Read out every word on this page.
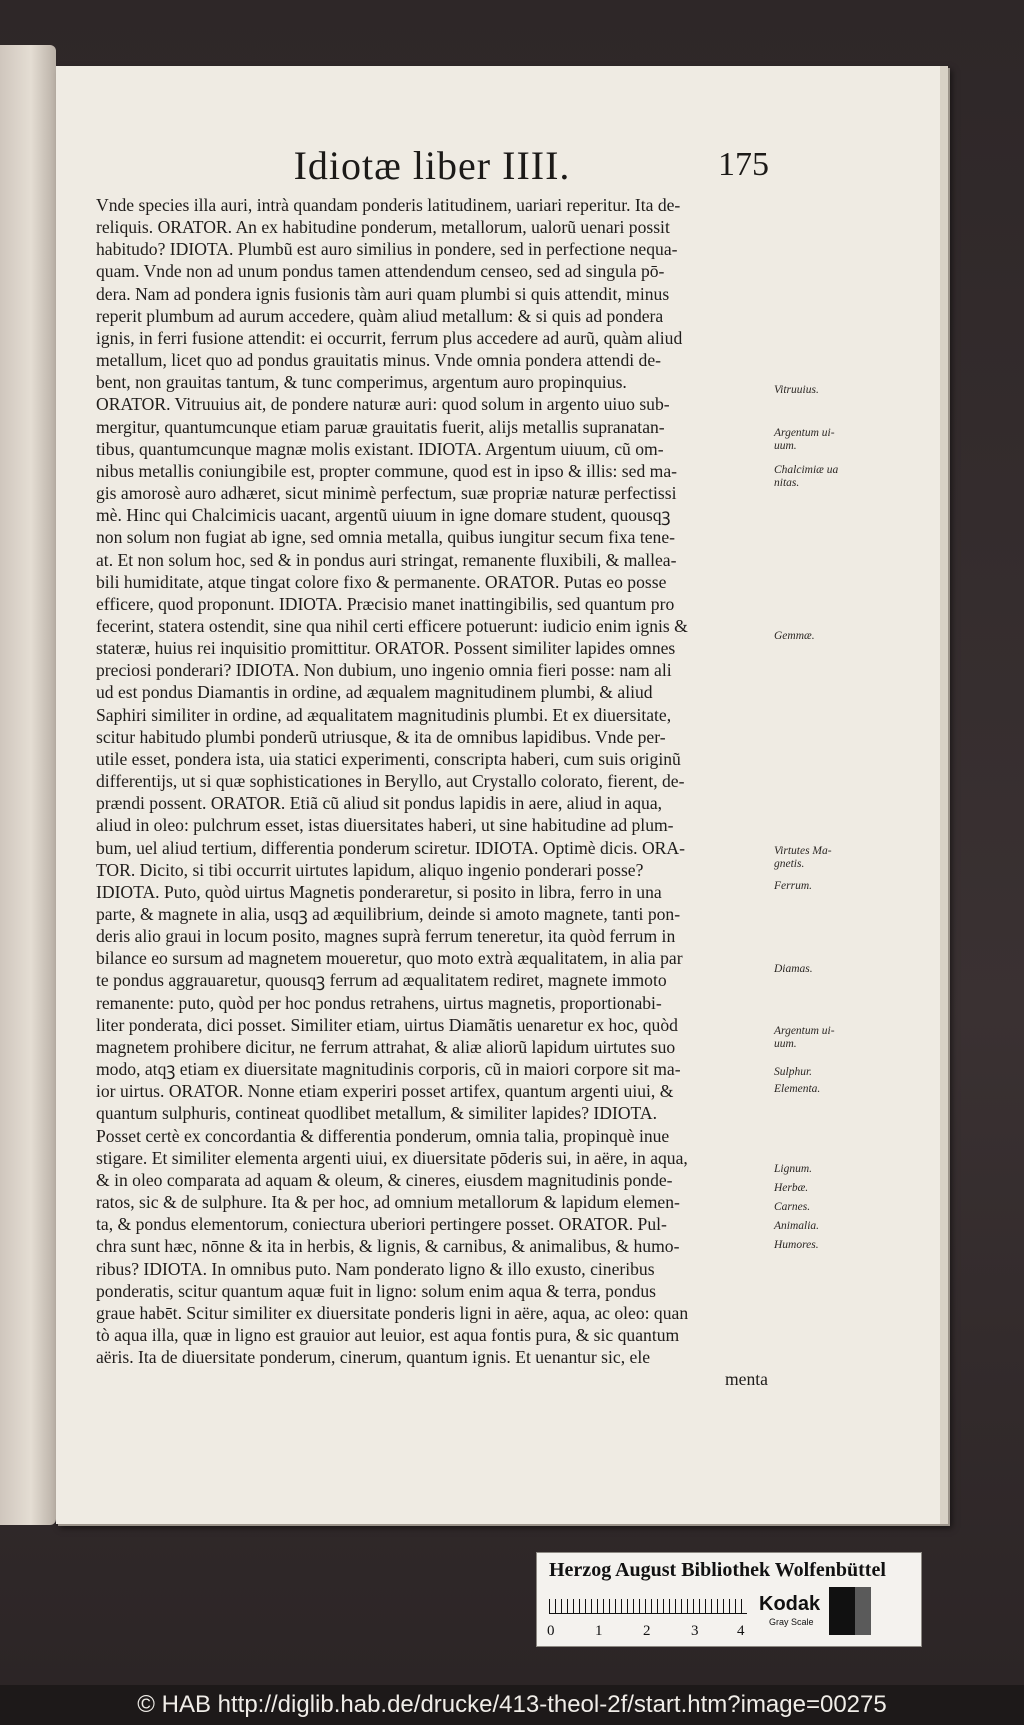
Idiotæ liber IIII.	175
Vnde species illa auri, intrà quandam ponderis latitudinem, uariari reperitur. Ita de-
reliquis. ORATOR. An ex habitudine ponderum, metallorum, ualorũ uenari possit
habitudo? IDIOTA. Plumbũ est auro similius in pondere, sed in perfectione nequa-
quam. Vnde non ad unum pondus tamen attendendum censeo, sed ad singula pō-
dera. Nam ad pondera ignis fusionis tàm auri quam plumbi si quis attendit, minus
reperit plumbum ad aurum accedere, quàm aliud metallum: & si quis ad pondera
ignis, in ferri fusione attendit: ei occurrit, ferrum plus accedere ad aurũ, quàm aliud
metallum, licet quo ad pondus grauitatis minus. Vnde omnia pondera attendi de-
bent, non grauitas tantum, & tunc comperimus, argentum auro propinquius.
ORATOR. Vitruuius ait, de pondere naturæ auri: quod solum in argento uiuo sub-
mergitur, quantumcunque etiam paruæ grauitatis fuerit, alijs metallis supranatan-
tibus, quantumcunque magnæ molis existant. IDIOTA. Argentum uiuum, cũ om-
nibus metallis coniungibile est, propter commune, quod est in ipso & illis: sed ma-
gis amorosè auro adhæret, sicut minimè perfectum, suæ propriæ naturæ perfectissi
mè. Hinc qui Chalcimicis uacant, argentũ uiuum in igne domare student, quousqꝫ
non solum non fugiat ab igne, sed omnia metalla, quibus iungitur secum fixa tene-
at. Et non solum hoc, sed & in pondus auri stringat, remanente fluxibili, & mallea-
bili humiditate, atque tingat colore fixo & permanente. ORATOR. Putas eo posse
efficere, quod proponunt. IDIOTA. Præcisio manet inattingibilis, sed quantum pro
fecerint, statera ostendit, sine qua nihil certi efficere potuerunt: iudicio enim ignis &
stateræ, huius rei inquisitio promittitur. ORATOR. Possent similiter lapides omnes
preciosi ponderari? IDIOTA. Non dubium, uno ingenio omnia fieri posse: nam ali
ud est pondus Diamantis in ordine, ad æqualem magnitudinem plumbi, & aliud
Saphiri similiter in ordine, ad æqualitatem magnitudinis plumbi. Et ex diuersitate,
scitur habitudo plumbi ponderũ utriusque, & ita de omnibus lapidibus. Vnde per-
utile esset, pondera ista, uia statici experimenti, conscripta haberi, cum suis originũ
differentijs, ut si quæ sophisticationes in Beryllo, aut Crystallo colorato, fierent, de-
prændi possent. ORATOR. Etiã cũ aliud sit pondus lapidis in aere, aliud in aqua,
aliud in oleo: pulchrum esset, istas diuersitates haberi, ut sine habitudine ad plum-
bum, uel aliud tertium, differentia ponderum sciretur. IDIOTA. Optimè dicis. ORA-
TOR. Dicito, si tibi occurrit uirtutes lapidum, aliquo ingenio ponderari posse?
IDIOTA. Puto, quòd uirtus Magnetis ponderaretur, si posito in libra, ferro in una
parte, & magnete in alia, usqꝫ ad æquilibrium, deinde si amoto magnete, tanti pon-
deris alio graui in locum posito, magnes suprà ferrum teneretur, ita quòd ferrum in
bilance eo sursum ad magnetem moueretur, quo moto extrà æqualitatem, in alia par
te pondus aggrauaretur, quousqꝫ ferrum ad æqualitatem rediret, magnete immoto
remanente: puto, quòd per hoc pondus retrahens, uirtus magnetis, proportionabi-
liter ponderata, dici posset. Similiter etiam, uirtus Diamãtis uenaretur ex hoc, quòd
magnetem prohibere dicitur, ne ferrum attrahat, & aliæ aliorũ lapidum uirtutes suo
modo, atqꝫ etiam ex diuersitate magnitudinis corporis, cũ in maiori corpore sit ma-
ior uirtus. ORATOR. Nonne etiam experiri posset artifex, quantum argenti uiui, &
quantum sulphuris, contineat quodlibet metallum, & similiter lapides? IDIOTA.
Posset certè ex concordantia & differentia ponderum, omnia talia, propinquè inue
stigare. Et similiter elementa argenti uiui, ex diuersitate pōderis sui, in aëre, in aqua,
& in oleo comparata ad aquam & oleum, & cineres, eiusdem magnitudinis ponde-
ratos, sic & de sulphure. Ita & per hoc, ad omnium metallorum & lapidum elemen-
ta, & pondus elementorum, coniectura uberiori pertingere posset. ORATOR. Pul-
chra sunt hæc, nōnne & ita in herbis, & lignis, & carnibus, & animalibus, & humo-
ribus? IDIOTA. In omnibus puto. Nam ponderato ligno & illo exusto, cineribus
ponderatis, scitur quantum aquæ fuit in ligno: solum enim aqua & terra, pondus
graue habēt. Scitur similiter ex diuersitate ponderis ligni in aëre, aqua, ac oleo: quan
tò aqua illa, quæ in ligno est grauior aut leuior, est aqua fontis pura, & sic quantum
aëris. Ita de diuersitate ponderum, cinerum, quantum ignis. Et uenantur sic, ele
menta
Vitruuius.
Argentum ui-
uum.
Chalcimiæ ua
nitas.
Gemmæ.
Virtutes Ma-
gnetis.
Ferrum.
Diamas.
Argentum ui-
uum.
Sulphur.
Elementa.
Lignum.
Herbæ.
Carnes.
Animalia.
Humores.
Herzog August Bibliothek Wolfenbüttel
0	1	2	3	4
Kodak
Gray Scale
© HAB http://diglib.hab.de/drucke/413-theol-2f/start.htm?image=00275
